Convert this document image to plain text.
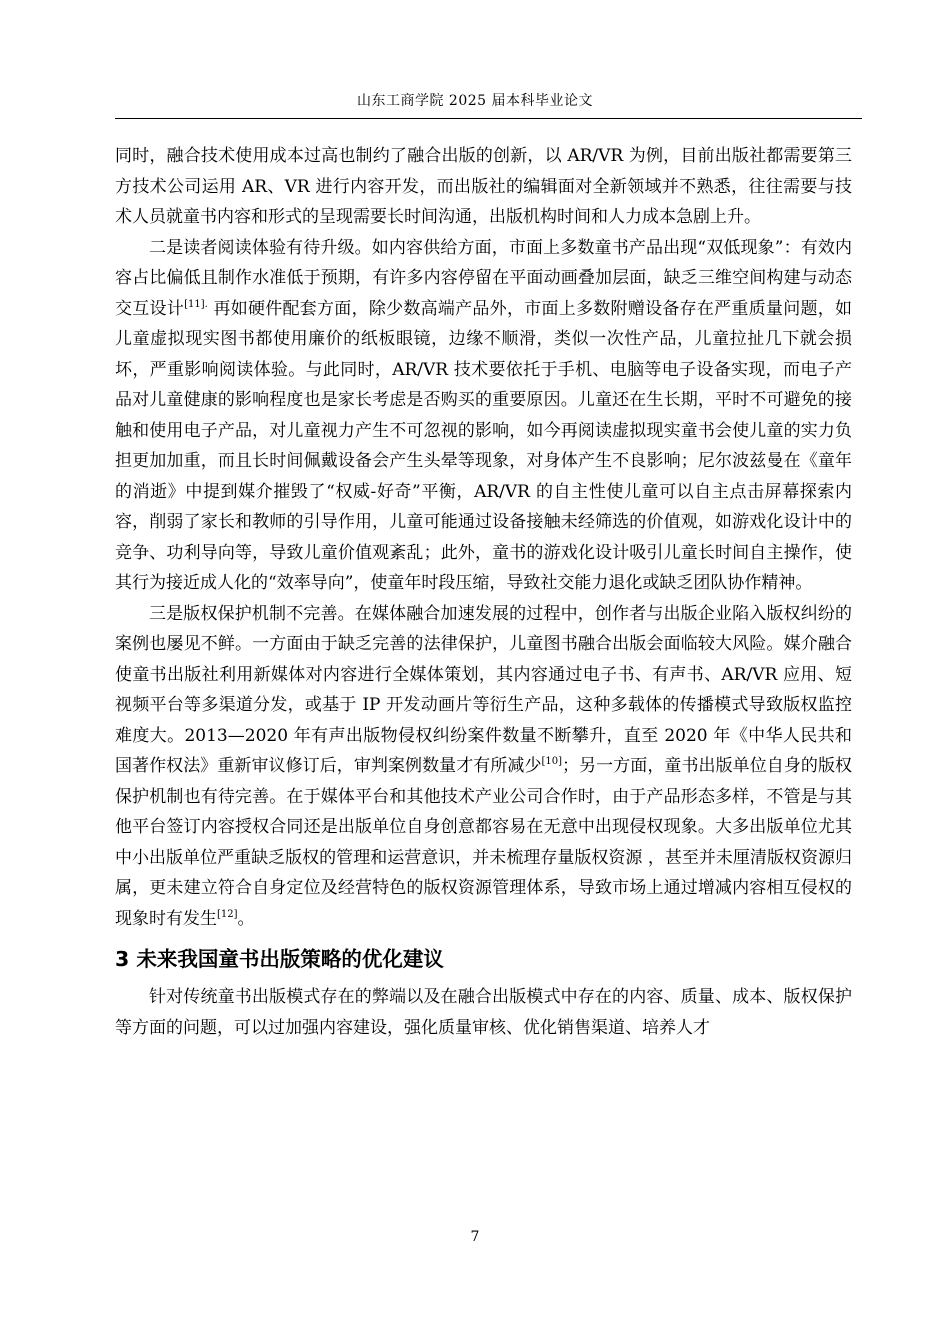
山东工商学院 2025 届本科毕业论文

同时，融合技术使用成本过高也制约了融合出版的创新，以 AR/VR 为例，目前出版社都需要第三方技术公司运用 AR、VR 进行内容开发，而出版社的编辑面对全新领域并不熟悉，往往需要与技术人员就童书内容和形式的呈现需要长时间沟通，出版机构时间和人力成本急剧上升。

二是读者阅读体验有待升级。如内容供给方面，市面上多数童书产品出现“双低现象”：有效内容占比偏低且制作水准低于预期，有许多内容停留在平面动画叠加层面，缺乏三维空间构建与动态交互设计$^{[11].}$ 再如硬件配套方面，除少数高端产品外，市面上多数附赠设备存在严重质量问题，如儿童虚拟现实图书都使用廉价的纸板眼镜，边缘不顺滑，类似一次性产品，儿童拉扯几下就会损坏，严重影响阅读体验。与此同时，AR/VR 技术要依托于手机、电脑等电子设备实现，而电子产品对儿童健康的影响程度也是家长考虑是否购买的重要原因。儿童还在生长期，平时不可避免的接触和使用电子产品，对儿童视力产生不可忽视的影响，如今再阅读虚拟现实童书会使儿童的实力负担更加加重，而且长时间佩戴设备会产生头晕等现象，对身体产生不良影响；尼尔波兹曼在《童年的消逝》中提到媒介摧毁了“权威-好奇”平衡，AR/VR 的自主性使儿童可以自主点击屏幕探索内容，削弱了家长和教师的引导作用，儿童可能通过设备接触未经筛选的价值观，如游戏化设计中的竞争、功利导向等，导致儿童价值观紊乱；此外，童书的游戏化设计吸引儿童长时间自主操作，使其行为接近成人化的“效率导向”，使童年时段压缩，导致社交能力退化或缺乏团队协作精神。

三是版权保护机制不完善。在媒体融合加速发展的过程中，创作者与出版企业陷入版权纠纷的案例也屡见不鲜。一方面由于缺乏完善的法律保护，儿童图书融合出版会面临较大风险。媒介融合使童书出版社利用新媒体对内容进行全媒体策划，其内容通过电子书、有声书、AR/VR 应用、短视频平台等多渠道分发，或基于 IP 开发动画片等衍生产品，这种多载体的传播模式导致版权监控难度大。2013—2020 年有声出版物侵权纠纷案件数量不断攀升，直至 2020 年《中华人民共和国著作权法》重新审议修订后，审判案例数量才有所减少[10]；另一方面，童书出版单位自身的版权保护机制也有待完善。在于媒体平台和其他技术产业公司合作时，由于产品形态多样，不管是与其他平台签订内容授权合同还是出版单位自身创意都容易在无意中出现侵权现象。大多出版单位尤其中小出版单位严重缺乏版权的管理和运营意识，并未梳理存量版权资源 ，甚至并未厘清版权资源归属，更未建立符合自身定位及经营特色的版权资源管理体系，导致市场上通过增减内容相互侵权的现象时有发生[12]。

3 未来我国童书出版策略的优化建议

针对传统童书出版模式存在的弊端以及在融合出版模式中存在的内容、质量、成本、版权保护等方面的问题，可以过加强内容建设，强化质量审核、优化销售渠道、培养人才

7
